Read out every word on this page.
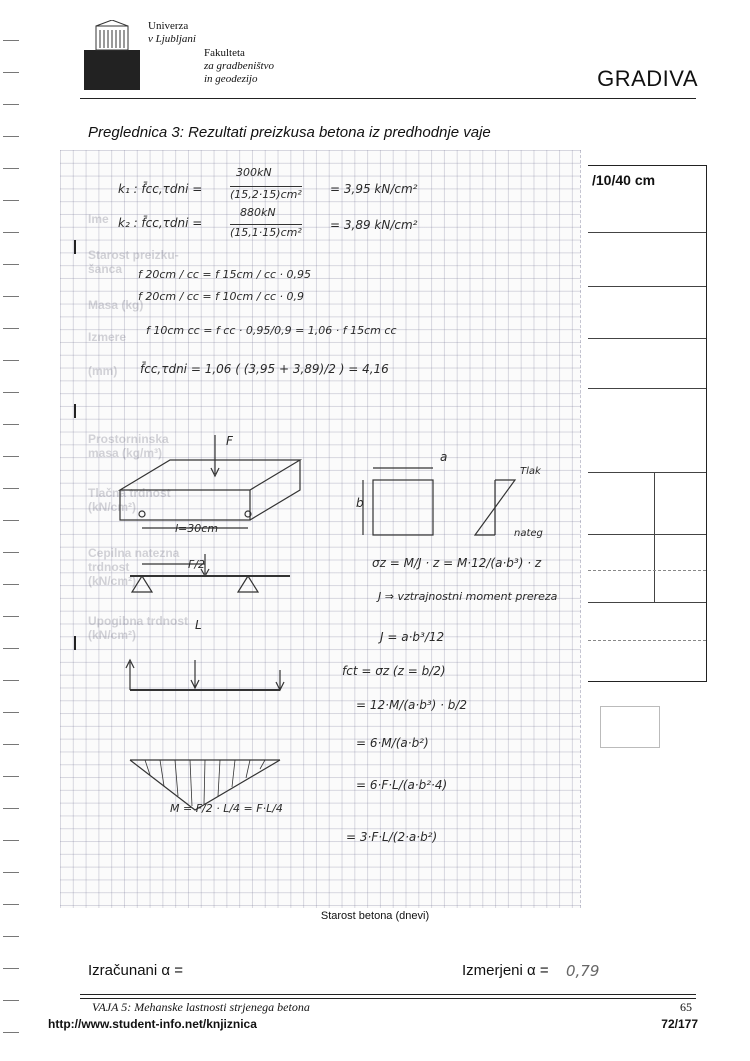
Univerza
v Ljubljani
Fakulteta
za gradbeništvo
in geodezijo	GRADIVA
Preglednica 3: Rezultati preizkusa betona iz predhodnje vaje
Ime
Starost preizku-
šanca
Masa (kg)
Izmere
(mm)
Prostorninska
masa (kg/m³)
Tlačna trdnost
(kN/cm²)
Cepilna natezna
trdnost
(kN/cm²)
Upogibna trdnost
(kN/cm²)
/10/40 cm
k₁ : f̄cc,τdni =
300kN
(15,2·15)cm² = 3,95 kN/cm²
k₂ : f̄cc,τdni =
880kN
(15,1·15)cm²
= 3,89 kN/cm²
f 20cm / cc = f 15cm / cc · 0,95
f 20cm / cc = f 10cm / cc · 0,9
f 10cm cc = f cc · 0,95/0,9 = 1,06 · f 15cm cc
f̄cc,τdni = 1,06 ( (3,95 + 3,89)/2 ) = 4,16
F
l=30cm
F/2
L
M = F/2 · L/4 = F·L/4
a
b
Tlak
nateg
σz = M/J · z = M·12/(a·b³) · z
J ⇒ vztrajnostni moment prereza
J = a·b³/12
fct = σz (z = b/2)
= 12·M/(a·b³) · b/2
= 6·M/(a·b²)
= 6·F·L/(a·b²·4)
= 3·F·L/(2·a·b²)
Starost betona (dnevi)
Izračunani α =	Izmerjeni α = 0,79
VAJA 5: Mehanske lastnosti strjenega betona	65
http://www.student-info.net/knjiznica	72/177
